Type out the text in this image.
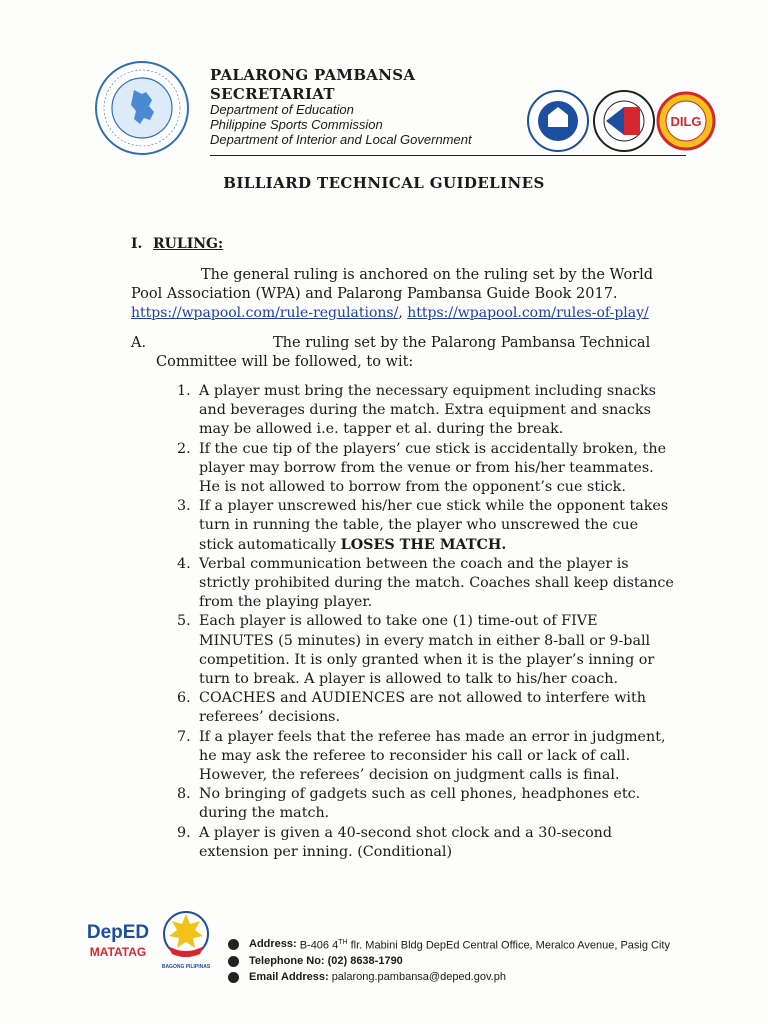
PALARONG PAMBANSA
SECRETARIAT
Department of Education
Philippine Sports Commission
Department of Interior and Local Government
DILG
BILLIARD TECHNICAL GUIDELINES
I. RULING:
The general ruling is anchored on the ruling set by the World Pool Association (WPA) and Palarong Pambansa Guide Book 2017.
https://wpapool.com/rule-regulations/, https://wpapool.com/rules-of-play/
A.	The ruling set by the Palarong Pambansa Technical
Committee will be followed, to wit:
1. A player must bring the necessary equipment including snacks and beverages during the match. Extra equipment and snacks may be allowed i.e. tapper et al. during the break.
2. If the cue tip of the players’ cue stick is accidentally broken, the player may borrow from the venue or from his/her teammates. He is not allowed to borrow from the opponent’s cue stick.
3. If a player unscrewed his/her cue stick while the opponent takes turn in running the table, the player who unscrewed the cue stick automatically LOSES THE MATCH.
4. Verbal communication between the coach and the player is strictly prohibited during the match. Coaches shall keep distance from the playing player.
5. Each player is allowed to take one (1) time-out of FIVE MINUTES (5 minutes) in every match in either 8-ball or 9-ball competition. It is only granted when it is the player’s inning or turn to break. A player is allowed to talk to his/her coach.
6. COACHES and AUDIENCES are not allowed to interfere with referees’ decisions.
7. If a player feels that the referee has made an error in judgment, he may ask the referee to reconsider his call or lack of call. However, the referees’ decision on judgment calls is final.
8. No bringing of gadgets such as cell phones, headphones etc. during the match.
9. A player is given a 40-second shot clock and a 30-second extension per inning. (Conditional)
DepED
MATATAG
BAGONG PILIPINAS
Address: B-406 4TH flr. Mabini Bldg DepEd Central Office, Meralco Avenue, Pasig City
Telephone No: (02) 8638-1790
Email Address: palarong.pambansa@deped.gov.ph
